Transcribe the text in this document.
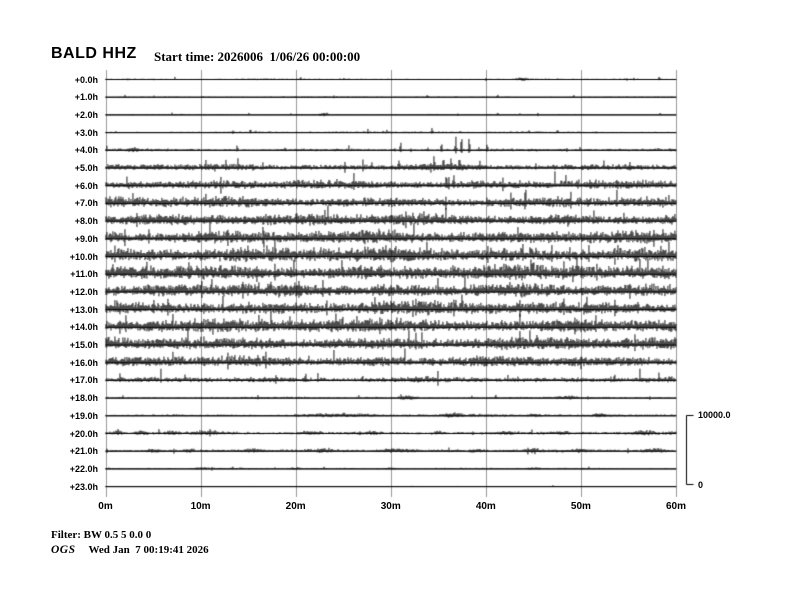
BALD HHZ Start time: 2026006  1/06/26 00:00:00
+0.0h
+1.0h
+2.0h
+3.0h
+4.0h
+5.0h
+6.0h
+7.0h
+8.0h
+9.0h
+10.0h
+11.0h
+12.0h
+13.0h
+14.0h
+15.0h
+16.0h
+17.0h
+18.0h
+19.0h
+20.0h
+21.0h
+22.0h
+23.0h
0m	10m	20m	30m	40m	50m	60m
10000.0
0
Filter: BW 0.5 5 0.0 0
OGS Wed Jan  7 00:19:41 2026
